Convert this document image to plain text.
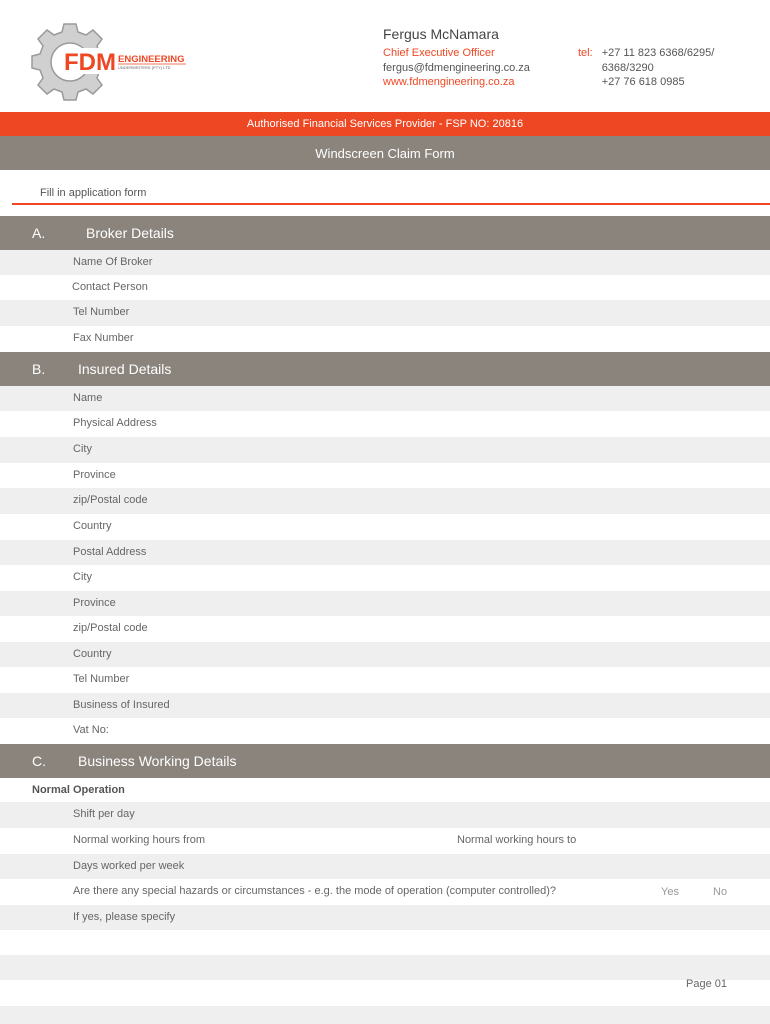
FDM ENGINEERING
UNDERWRITERS (PTY) LTD
Fergus McNamara
Chief Executive Officer
fergus@fdmengineering.co.za
www.fdmengineering.co.za
tel: +27 11 823 6368/6295/
6368/3290
+27 76 618 0985
Authorised Financial Services Provider - FSP NO: 20816
Windscreen Claim Form
Fill in application form
A.	Broker Details
Name Of Broker
Contact Person
Tel Number
Fax Number
B. Insured Details
Name
Physical Address
City
Province
zip/Postal code
Country
Postal Address
City
Province
zip/Postal code
Country
Tel Number
Business of Insured
Vat No:
C. Business Working Details
Normal Operation
Shift per day
Normal working hours from	Normal working hours to
Days worked per week
Are there any special hazards or circumstances - e.g. the mode of operation (computer controlled)?	Yes	No
If yes, please specify
Page 01
